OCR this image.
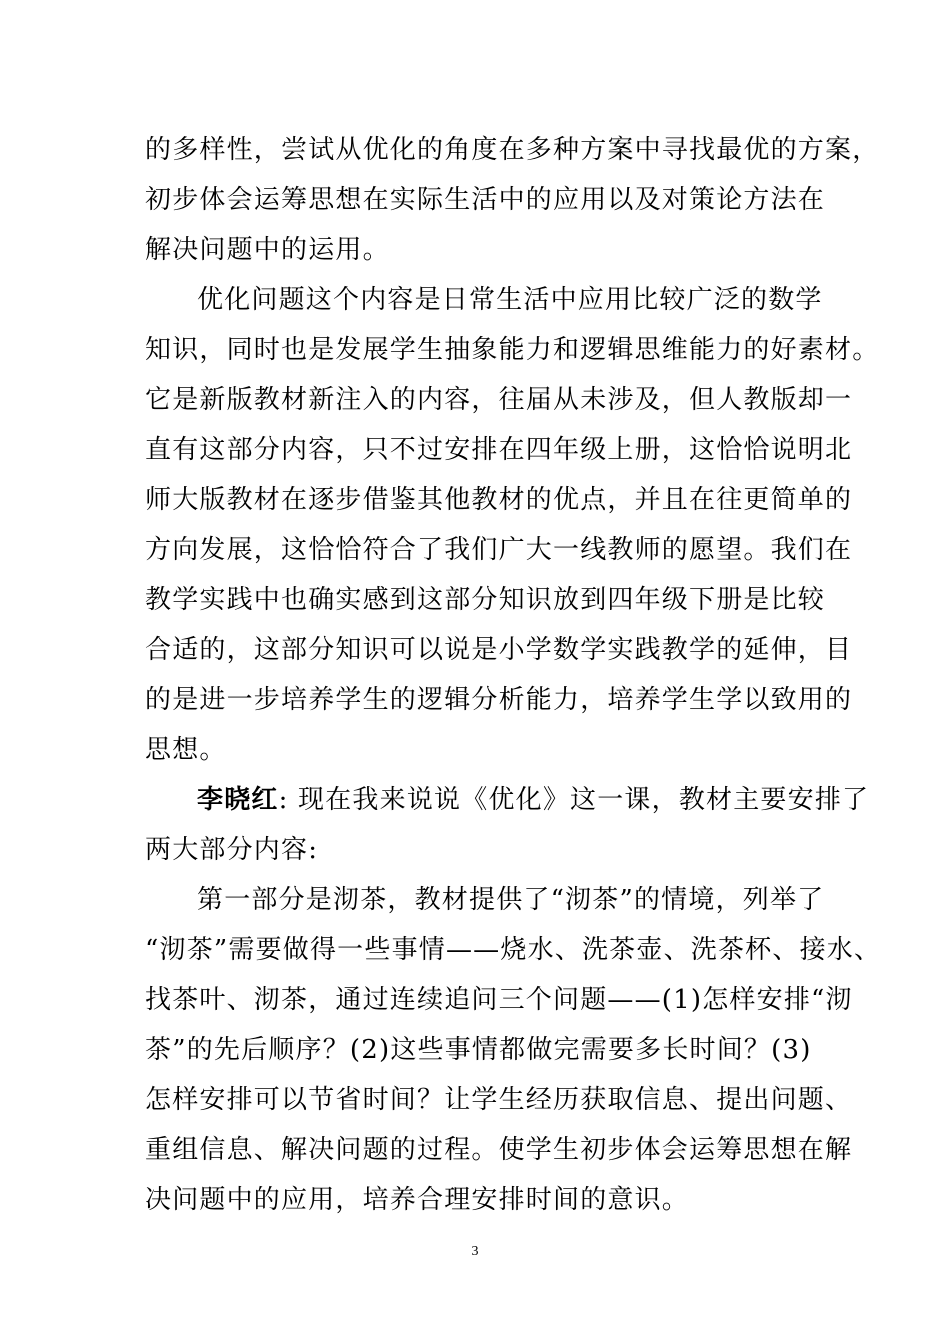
的多样性，尝试从优化的角度在多种方案中寻找最优的方案，
初步体会运筹思想在实际生活中的应用以及对策论方法在
解决问题中的运用。
优化问题这个内容是日常生活中应用比较广泛的数学
知识，同时也是发展学生抽象能力和逻辑思维能力的好素材。
它是新版教材新注入的内容，往届从未涉及，但人教版却一
直有这部分内容，只不过安排在四年级上册，这恰恰说明北
师大版教材在逐步借鉴其他教材的优点，并且在往更简单的
方向发展，这恰恰符合了我们广大一线教师的愿望。我们在
教学实践中也确实感到这部分知识放到四年级下册是比较
合适的，这部分知识可以说是小学数学实践教学的延伸，目
的是进一步培养学生的逻辑分析能力，培养学生学以致用的
思想。
李晓红: 现在我来说说《优化》这一课，教材主要安排了
两大部分内容:
第一部分是沏茶，教材提供了“沏茶”的情境，列举了
“沏茶”需要做得一些事情——烧水、洗茶壶、洗茶杯、接水、
找茶叶、沏茶，通过连续追问三个问题——(1)怎样安排“沏
茶”的先后顺序？(2)这些事情都做完需要多长时间？(3)
怎样安排可以节省时间？让学生经历获取信息、提出问题、
重组信息、解决问题的过程。使学生初步体会运筹思想在解
决问题中的应用，培养合理安排时间的意识。
3
